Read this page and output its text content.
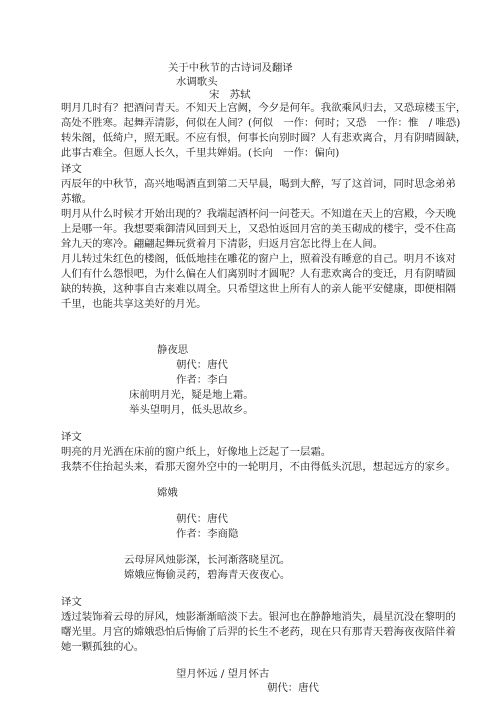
关于中秋节的古诗词及翻译
水调歌头
宋　苏轼
明月几时有？把酒问青天。不知天上宫阙，今夕是何年。我欲乘风归去，又恐琼楼玉宇，
高处不胜寒。起舞弄清影，何似在人间？(何似　一作：何时；又恐　一作：惟　/ 唯恐)
转朱阁，低绮户，照无眠。不应有恨，何事长向别时圆？人有悲欢离合，月有阴晴圆缺，
此事古难全。但愿人长久，千里共婵娟。(长向　一作：偏向)
译文
丙辰年的中秋节，高兴地喝酒直到第二天早晨，喝到大醉，写了这首词，同时思念弟弟
苏辙。
明月从什么时候才开始出现的？我端起酒杯问一问苍天。不知道在天上的宫殿，今天晚
上是哪一年。我想要乘御清风回到天上，又恐怕返回月宫的美玉砌成的楼宇，受不住高
耸九天的寒冷。翩翩起舞玩赏着月下清影，归返月宫怎比得上在人间。
月儿转过朱红色的楼阁，低低地挂在雕花的窗户上，照着没有睡意的自己。明月不该对
人们有什么怨恨吧，为什么偏在人们离别时才圆呢？人有悲欢离合的变迁，月有阴晴圆
缺的转换，这种事自古来难以周全。只希望这世上所有人的亲人能平安健康，即便相隔
千里，也能共享这美好的月光。
静夜思
朝代：唐代
作者：李白
床前明月光，疑是地上霜。
举头望明月，低头思故乡。
译文
明亮的月光洒在床前的窗户纸上，好像地上泛起了一层霜。
我禁不住抬起头来，看那天窗外空中的一轮明月，不由得低头沉思，想起远方的家乡。
嫦娥
朝代：唐代
作者：李商隐
云母屏风烛影深，长河渐落晓星沉。
嫦娥应悔偷灵药，碧海青天夜夜心。
译文
透过装饰着云母的屏风，烛影渐渐暗淡下去。银河也在静静地消失，晨星沉没在黎明的
曙光里。月宫的嫦娥恐怕后悔偷了后羿的长生不老药，现在只有那青天碧海夜夜陪伴着
她一颗孤独的心。
望月怀远 / 望月怀古
朝代：唐代
